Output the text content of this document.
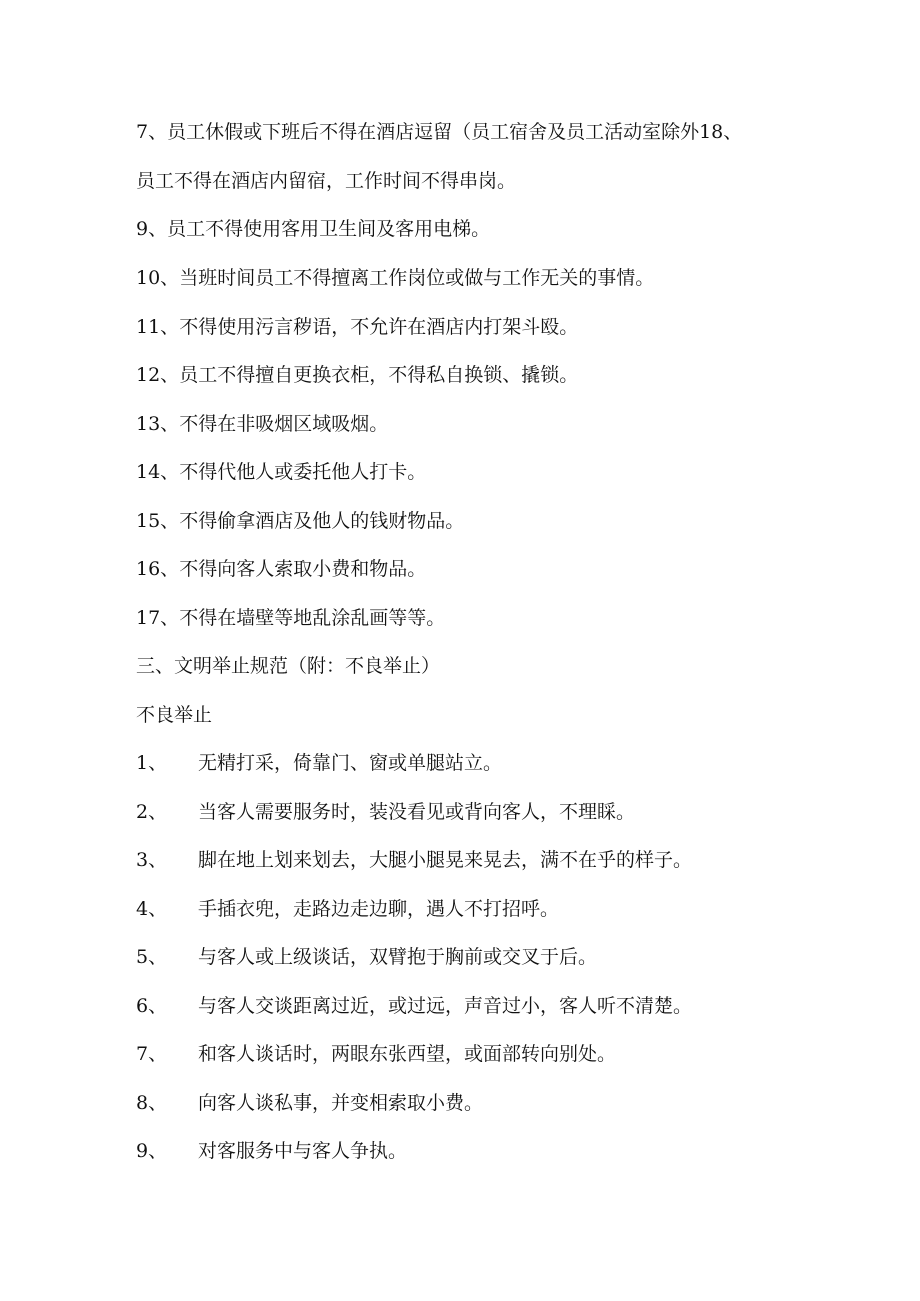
7、员工休假或下班后不得在酒店逗留（员工宿舍及员工活动室除外18、
员工不得在酒店内留宿，工作时间不得串岗。
9、员工不得使用客用卫生间及客用电梯。
10、当班时间员工不得擅离工作岗位或做与工作无关的事情。
11、不得使用污言秽语，不允许在酒店内打架斗殴。
12、员工不得擅自更换衣柜，不得私自换锁、撬锁。
13、不得在非吸烟区域吸烟。
14、不得代他人或委托他人打卡。
15、不得偷拿酒店及他人的钱财物品。
16、不得向客人索取小费和物品。
17、不得在墙壁等地乱涂乱画等等。
三、文明举止规范（附：不良举止）
不良举止
1、 无精打采，倚靠门、窗或单腿站立。
2、 当客人需要服务时，装没看见或背向客人，不理睬。
3、 脚在地上划来划去，大腿小腿晃来晃去，满不在乎的样子。
4、 手插衣兜，走路边走边聊，遇人不打招呼。
5、 与客人或上级谈话，双臂抱于胸前或交叉于后。
6、 与客人交谈距离过近，或过远，声音过小，客人听不清楚。
7、 和客人谈话时，两眼东张西望，或面部转向别处。
8、 向客人谈私事，并变相索取小费。
9、 对客服务中与客人争执。
